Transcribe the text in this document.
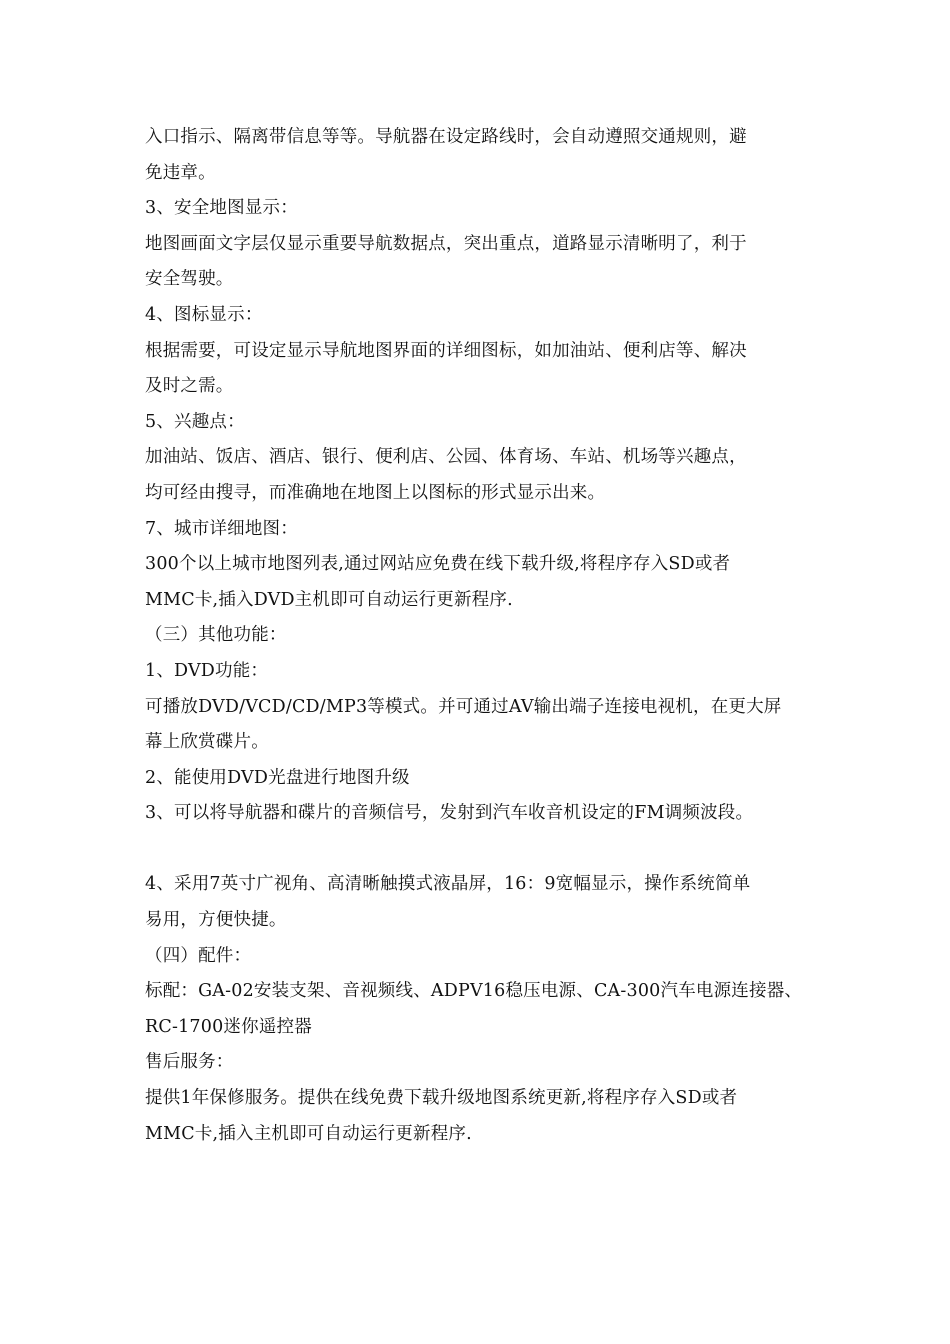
入口指示、隔离带信息等等。导航器在设定路线时，会自动遵照交通规则，避
免违章。
3、安全地图显示：
地图画面文字层仅显示重要导航数据点，突出重点，道路显示清晰明了，利于
安全驾驶。
4、图标显示：
根据需要，可设定显示导航地图界面的详细图标，如加油站、便利店等、解决
及时之需。
5、兴趣点：
加油站、饭店、酒店、银行、便利店、公园、体育场、车站、机场等兴趣点，
均可经由搜寻，而准确地在地图上以图标的形式显示出来。
7、城市详细地图：
300个以上城市地图列表,通过网站应免费在线下载升级,将程序存入SD或者
MMC卡,插入DVD主机即可自动运行更新程序.
（三）其他功能：
1、DVD功能：
可播放DVD/VCD/CD/MP3等模式。并可通过AV输出端子连接电视机，在更大屏
幕上欣赏碟片。
2、能使用DVD光盘进行地图升级
3、可以将导航器和碟片的音频信号，发射到汽车收音机设定的FM调频波段。
4、采用7英寸广视角、高清晰触摸式液晶屏，16：9宽幅显示，操作系统简单
易用，方便快捷。
（四）配件：
标配：GA-02安装支架、音视频线、ADPV16稳压电源、CA-300汽车电源连接器、
RC-1700迷你遥控器
售后服务：
提供1年保修服务。提供在线免费下载升级地图系统更新,将程序存入SD或者
MMC卡,插入主机即可自动运行更新程序.
